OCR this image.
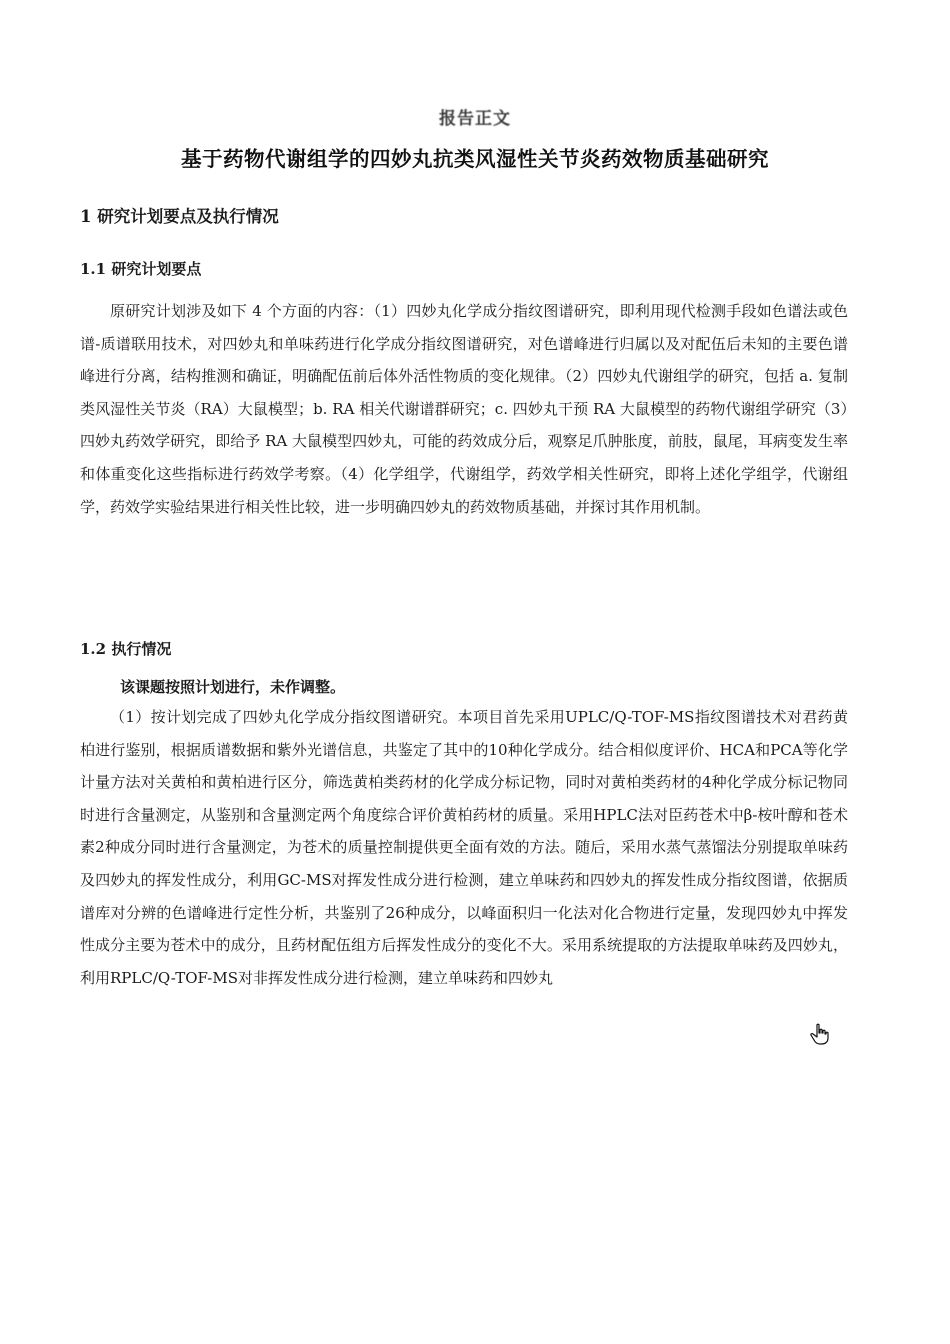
报告正文
基于药物代谢组学的四妙丸抗类风湿性关节炎药效物质基础研究
1 研究计划要点及执行情况
1.1 研究计划要点

原研究计划涉及如下 4 个方面的内容：（1）四妙丸化学成分指纹图谱研究，即利用现代检测手段如色谱法或色谱-质谱联用技术，对四妙丸和单味药进行化学成分指纹图谱研究，对色谱峰进行归属以及对配伍后未知的主要色谱峰进行分离，结构推测和确证，明确配伍前后体外活性物质的变化规律。（2）四妙丸代谢组学的研究，包括 a. 复制类风湿性关节炎（RA）大鼠模型；b. RA 相关代谢谱群研究；c. 四妙丸干预 RA 大鼠模型的药物代谢组学研究（3）四妙丸药效学研究，即给予 RA 大鼠模型四妙丸，可能的药效成分后，观察足爪肿胀度，前肢，鼠尾，耳病变发生率和体重变化这些指标进行药效学考察。（4）化学组学，代谢组学，药效学相关性研究，即将上述化学组学，代谢组学，药效学实验结果进行相关性比较，进一步明确四妙丸的药效物质基础，并探讨其作用机制。

1.2 执行情况
该课题按照计划进行，未作调整。

（1）按计划完成了四妙丸化学成分指纹图谱研究。本项目首先采用UPLC/Q-TOF-MS指纹图谱技术对君药黄柏进行鉴别，根据质谱数据和紫外光谱信息，共鉴定了其中的10种化学成分。结合相似度评价、HCA和PCA等化学计量方法对关黄柏和黄柏进行区分，筛选黄柏类药材的化学成分标记物，同时对黄柏类药材的4种化学成分标记物同时进行含量测定，从鉴别和含量测定两个角度综合评价黄柏药材的质量。采用HPLC法对臣药苍术中β-桉叶醇和苍术素2种成分同时进行含量测定，为苍术的质量控制提供更全面有效的方法。随后，采用水蒸气蒸馏法分别提取单味药及四妙丸的挥发性成分，利用GC-MS对挥发性成分进行检测，建立单味药和四妙丸的挥发性成分指纹图谱，依据质谱库对分辨的色谱峰进行定性分析，共鉴别了26种成分，以峰面积归一化法对化合物进行定量，发现四妙丸中挥发性成分主要为苍术中的成分，且药材配伍组方后挥发性成分的变化不大。采用系统提取的方法提取单味药及四妙丸，利用RPLC/Q-TOF-MS对非挥发性成分进行检测，建立单味药和四妙丸
